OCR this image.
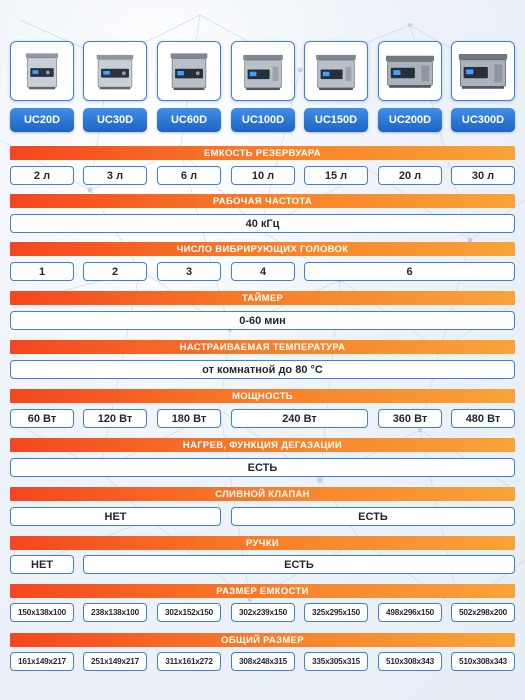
UC20D	UC30D	UC60D	UC100D	UC150D	UC200D	UC300D
ЕМКОСТЬ РЕЗЕРВУАРА
2 л	3 л	6 л	10 л	15 л	20 л	30 л
РАБОЧАЯ ЧАСТОТА
40 кГц
ЧИСЛО ВИБРИРУЮЩИХ ГОЛОВОК
1	2	3	4	6
ТАЙМЕР
0-60 мин
НАСТРАИВАЕМАЯ ТЕМПЕРАТУРА
от комнатной до 80 °C
МОЩНОСТЬ
60 Вт	120 Вт	180 Вт	240 Вт	360 Вт	480 Вт
НАГРЕВ, ФУНКЦИЯ ДЕГАЗАЦИИ
ЕСТЬ
СЛИВНОЙ КЛАПАН
НЕТ	ЕСТЬ
РУЧКИ
НЕТ	ЕСТЬ
РАЗМЕР ЕМКОСТИ
150х138х100	238х138х100	302х152х150	302х239х150	325х295х150	498х296х150	502х298х200
ОБЩИЙ РАЗМЕР
161х149х217	251х149х217	311х161х272	308х248х315	335х305х315	510х308х343	510х308х343
